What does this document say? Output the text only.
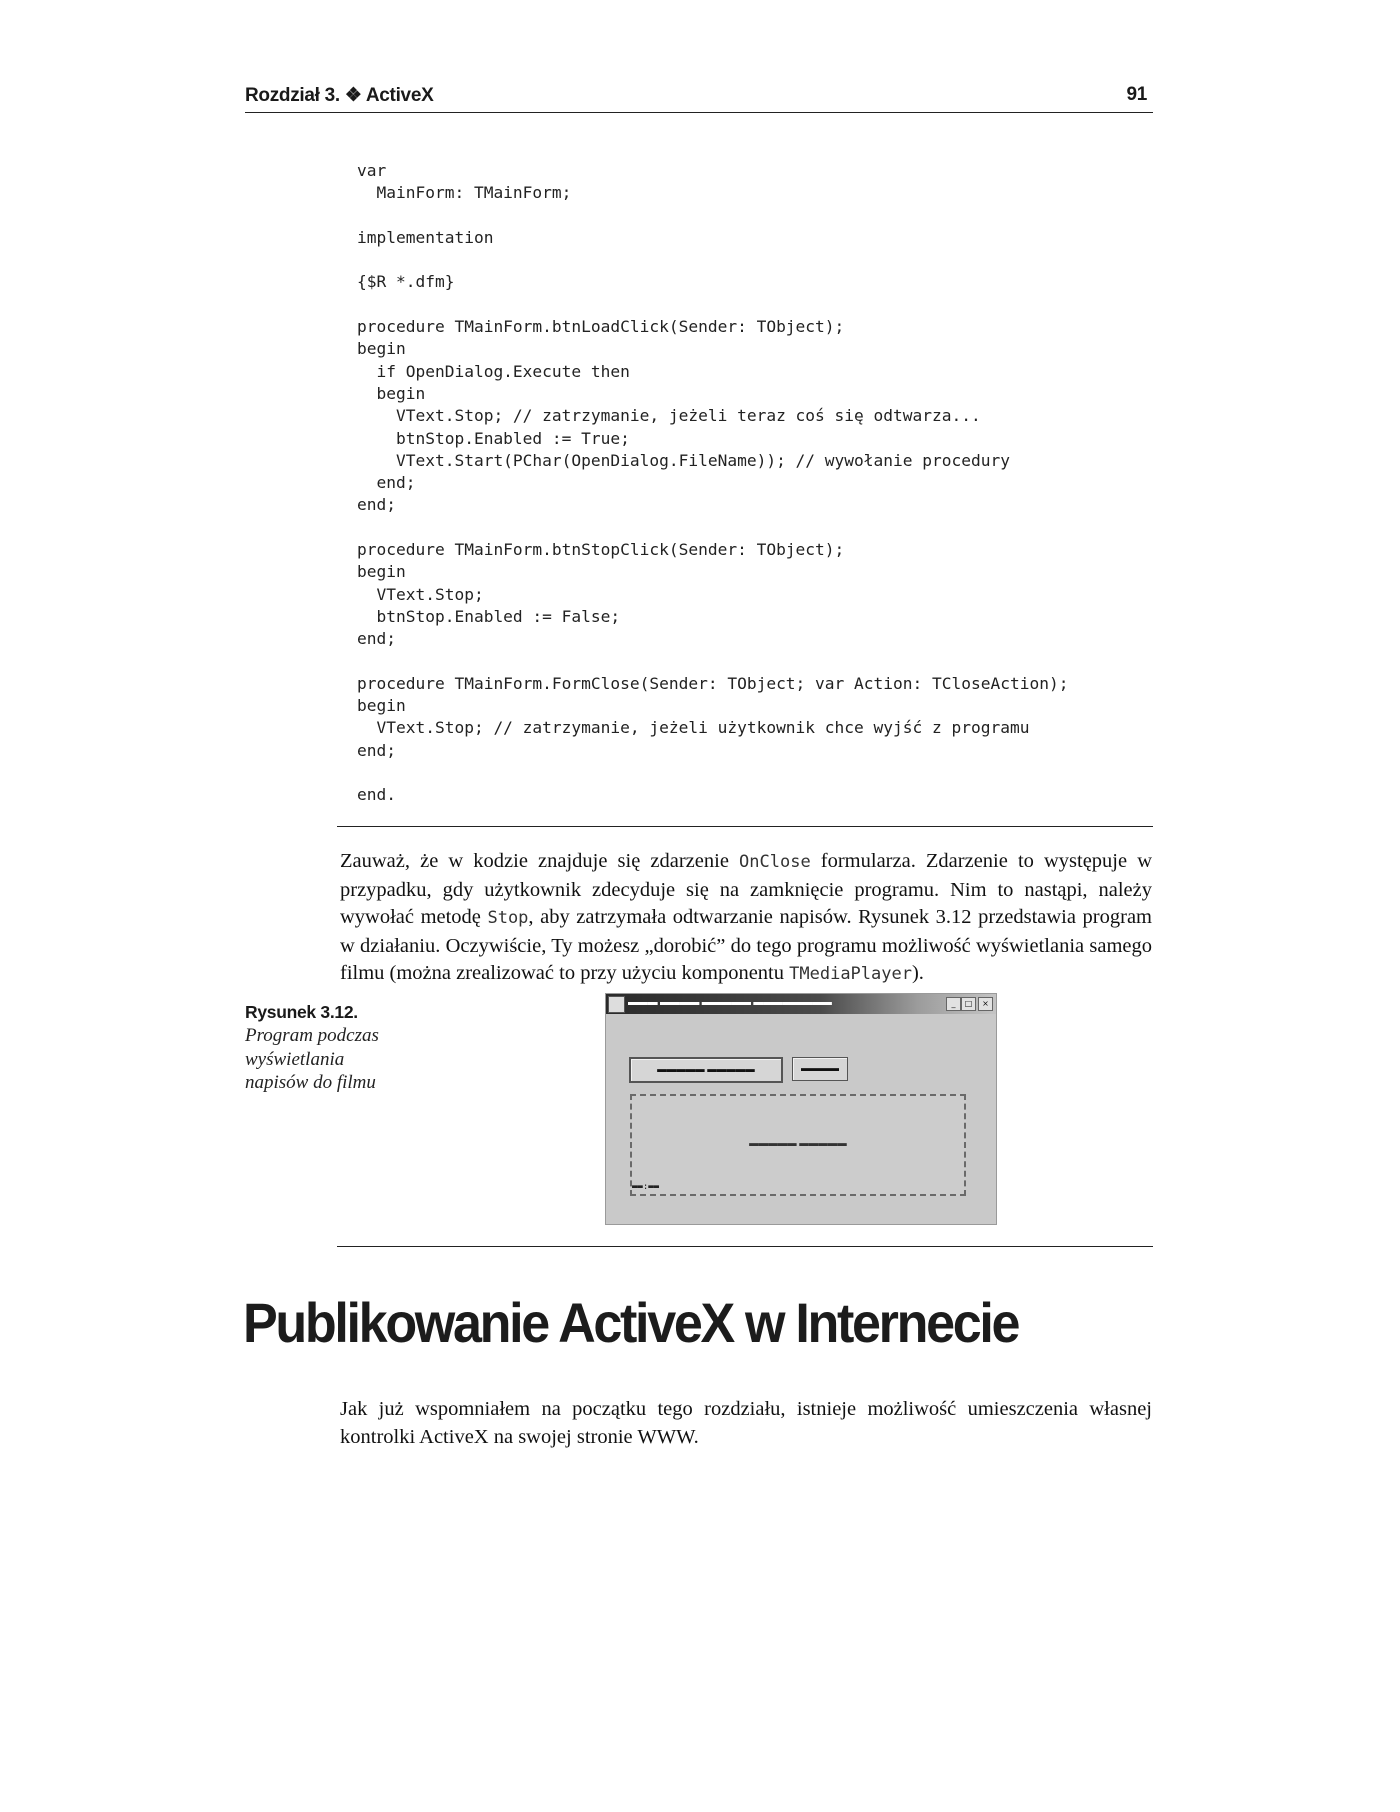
Rozdział 3. ❖ ActiveX	91
var
MainForm: TMainForm;
implementation
{$R *.dfm}
procedure TMainForm.btnLoadClick(Sender: TObject);
begin
if OpenDialog.Execute then
begin
VText.Stop; // zatrzymanie, jeżeli teraz coś się odtwarza...
btnStop.Enabled := True;
VText.Start(PChar(OpenDialog.FileName)); // wywołanie procedury
end;
end;
procedure TMainForm.btnStopClick(Sender: TObject);
begin
VText.Stop;
btnStop.Enabled := False;
end;
procedure TMainForm.FormClose(Sender: TObject; var Action: TCloseAction);
begin
VText.Stop; // zatrzymanie, jeżeli użytkownik chce wyjść z programu
end;
end.

Zauważ, że w kodzie znajduje się zdarzenie OnClose formularza. Zdarzenie to występuje w przypadku, gdy użytkownik zdecyduje się na zamknięcie programu. Nim to nastąpi, należy wywołać metodę Stop, aby zatrzymała odtwarzanie napisów. Rysunek 3.12 przedstawia program w działaniu. Oczywiście, Ty możesz „dorobić” do tego programu możliwość wyświetlania samego filmu (można zrealizować to przy użyciu komponentu TMediaPlayer).

Rysunek 3.12.
Program podczas
wyświetlania
napisów do filmu
▬▬▬ ▬▬▬▬ ▬▬▬▬▬ ▬▬▬▬▬▬▬▬	_	□	×
▬▬▬▬▬ ▬▬▬▬▬	▬▬▬▬
▬▬▬▬▬ ▬▬▬▬▬
▬▬:▬▬
Publikowanie ActiveX w Internecie

Jak już wspomniałem na początku tego rozdziału, istnieje możliwość umieszczenia własnej kontrolki ActiveX na swojej stronie WWW.
